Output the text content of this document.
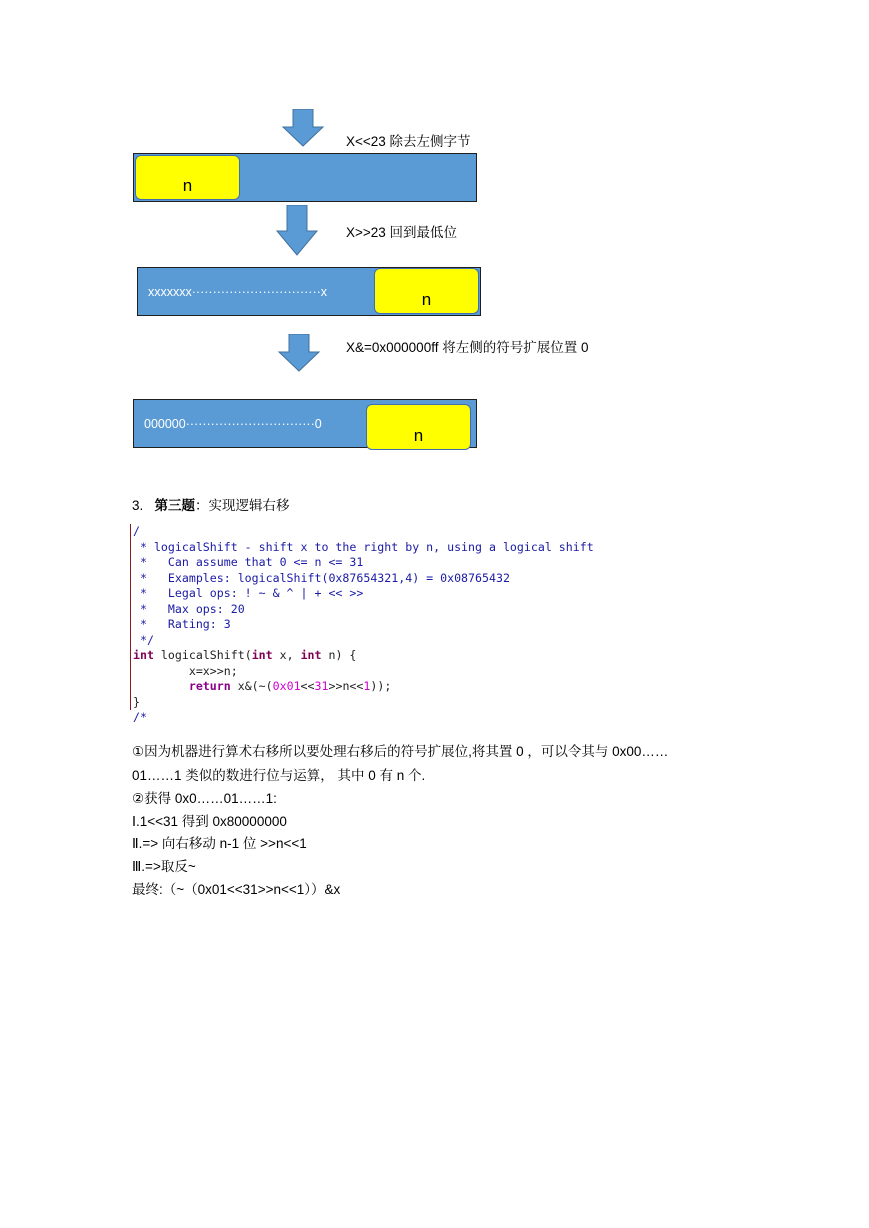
X<<23 除去左侧字节
n
X>>23 回到最低位
xxxxxxx·······························x	n
X&=0x000000ff 将左侧的符号扩展位置 0
000000·······························0
n
3. 第三题：实现逻辑右移
/
* logicalShift - shift x to the right by n, using a logical shift
*   Can assume that 0 <= n <= 31
*   Examples: logicalShift(0x87654321,4) = 0x08765432
*   Legal ops: ! ~ & ^ | + << >>
*   Max ops: 20
*   Rating: 3
*/
int logicalShift(int x, int n) {
x=x>>n;
return x&(~(0x01<<31>>n<<1));
}
/*
①因为机器进行算术右移所以要处理右移后的符号扩展位,将其置 0 ，可以令其与 0x00……
01……1 类似的数进行位与运算， 其中 0 有 n 个.
②获得 0x0……01……1:
Ⅰ.1<<31 得到 0x80000000
Ⅱ.=> 向右移动 n-1 位 >>n<<1
Ⅲ.=>取反~
最终:（~（0x01<<31>>n<<1））&x
